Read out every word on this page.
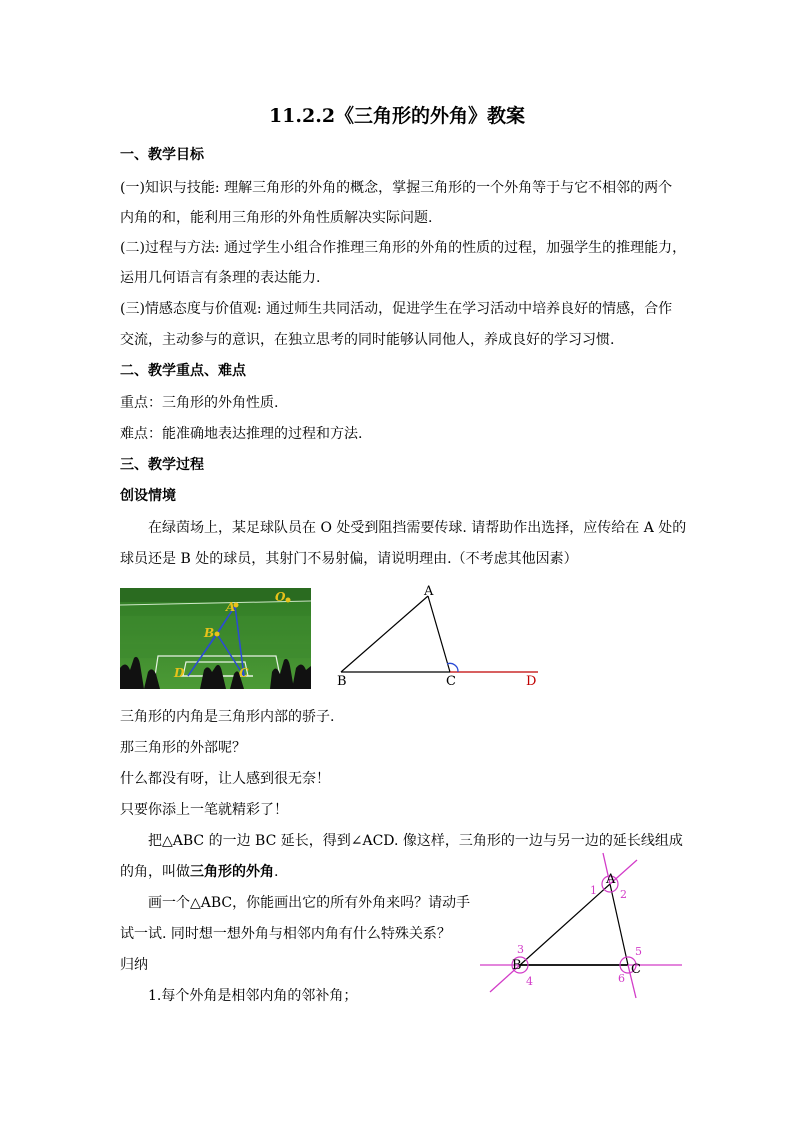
11.2.2《三角形的外角》教案
一、教学目标
(一)知识与技能: 理解三角形的外角的概念，掌握三角形的一个外角等于与它不相邻的两个
内角的和，能利用三角形的外角性质解决实际问题.
(二)过程与方法: 通过学生小组合作推理三角形的外角的性质的过程，加强学生的推理能力，
运用几何语言有条理的表达能力.
(三)情感态度与价值观: 通过师生共同活动，促进学生在学习活动中培养良好的情感，合作
交流，主动参与的意识，在独立思考的同时能够认同他人，养成良好的学习习惯.
二、教学重点、难点
重点：三角形的外角性质.
难点：能准确地表达推理的过程和方法.
三、教学过程
创设情境
在绿茵场上，某足球队员在 O 处受到阻挡需要传球. 请帮助作出选择，应传给在 A 处的
球员还是 B 处的球员，其射门不易射偏，请说明理由.（不考虑其他因素）
O
A
B
D	C
A
B	C	D
三角形的内角是三角形内部的骄子.
那三角形的外部呢？
什么都没有呀，让人感到很无奈！
只要你添上一笔就精彩了！
把△ABC 的一边 BC 延长，得到∠ACD. 像这样，三角形的一边与另一边的延长线组成
的角，叫做三角形的外角.
画一个△ABC，你能画出它的所有外角来吗？请动手
试一试. 同时想一想外角与相邻内角有什么特殊关系？
归纳
1.每个外角是相邻内角的邻补角；
A
B	C
1 2
3
4
5
6
